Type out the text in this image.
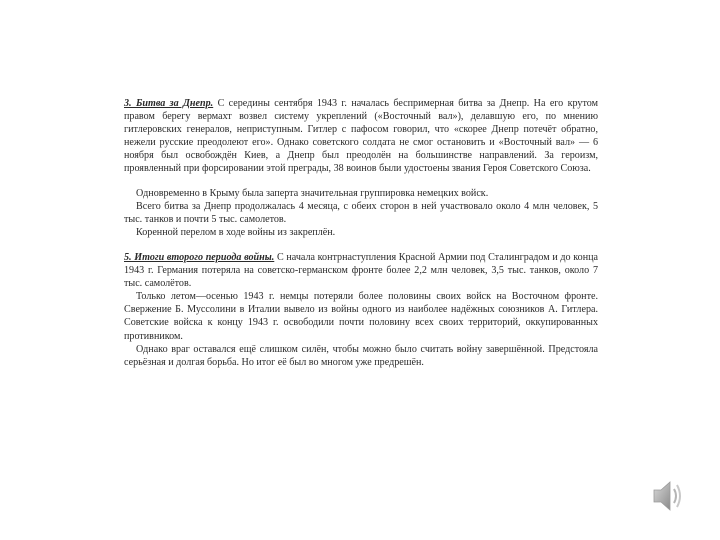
3. Битва за Днепр. С середины сентября 1943 г. началась беспримерная битва за Днепр. На его крутом правом берегу вермахт возвел систему укреплений («Восточный вал»), делавшую его, по мнению гитлеровских генералов, неприступным. Гитлер с пафосом говорил, что «скорее Днепр потечёт обратно, нежели русские преодолеют его». Однако советского солдата не смог остановить и «Восточный вал» — 6 ноября был освобождён Киев, а Днепр был преодолён на большинстве направлений. За героизм, проявленный при форсировании этой преграды, 38 воинов были удостоены звания Героя Советского Союза.

Одновременно в Крыму была заперта значительная группировка немецких войск.

Всего битва за Днепр продолжалась 4 месяца, с обеих сторон в ней участвовало около 4 млн человек, 5 тыс. танков и почти 5 тыс. самолетов.

Коренной перелом в ходе войны из закреплён.

5. Итоги второго периода войны. С начала контрнаступления Красной Армии под Сталинградом и до конца 1943 г. Германия потеряла на советско-германском фронте более 2,2 млн человек, 3,5 тыс. танков, около 7 тыс. самолётов.

Только летом—осенью 1943 г. немцы потеряли более половины своих войск на Восточном фронте. Свержение Б. Муссолини в Италии вывело из войны одного из наиболее надёжных союзников А. Гитлера. Советские войска к концу 1943 г. освободили почти половину всех своих территорий, оккупированных противником.

Однако враг оставался ещё слишком силён, чтобы можно было считать войну завершённой. Предстояла серьёзная и долгая борьба. Но итог её был во многом уже предрешён.
